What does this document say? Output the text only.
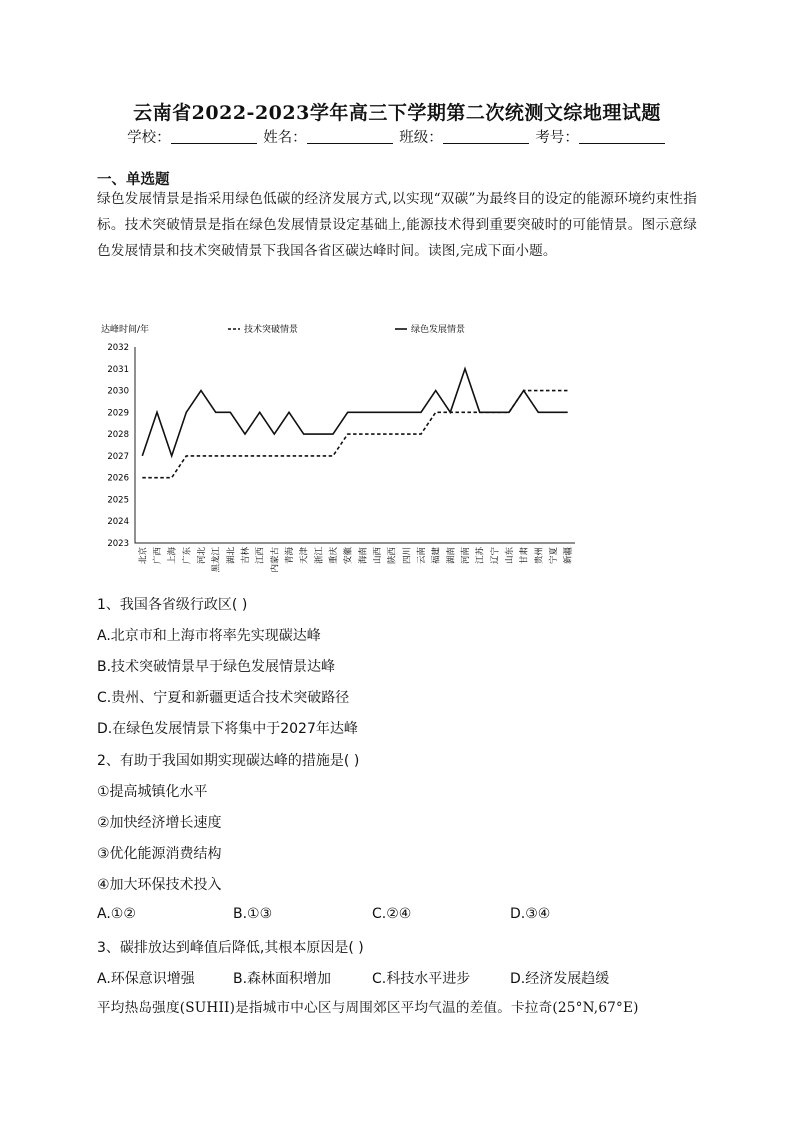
云南省2022-2023学年高三下学期第二次统测文综地理试题
学校：	姓名：	班级：	考号：
一、单选题
绿色发展情景是指采用绿色低碳的经济发展方式,以实现“双碳”为最终目的设定的能源环境约束性指标。技术突破情景是指在绿色发展情景设定基础上,能源技术得到重要突破时的可能情景。图示意绿色发展情景和技术突破情景下我国各省区碳达峰时间。读图,完成下面小题。
达峰时间/年	技术突破情景	绿色发展情景
2023
2024
2025
2026
2027
2028
2029
2030
2031
2032
北京 广西 上海 广东 河北 黑龙江 湖北 吉林 江西 内蒙古 青海 天津 浙江 重庆 安徽 海南 山西 陕西 四川 云南 福建 湖南 河南 江苏 辽宁 山东 甘肃 贵州 宁夏 新疆
1、我国各省级行政区( )
A.北京市和上海市将率先实现碳达峰
B.技术突破情景早于绿色发展情景达峰
C.贵州、宁夏和新疆更适合技术突破路径
D.在绿色发展情景下将集中于2027年达峰
2、有助于我国如期实现碳达峰的措施是( )
①提高城镇化水平
②加快经济增长速度
③优化能源消费结构
④加大环保技术投入
A.①②	B.①③	C.②④	D.③④
3、碳排放达到峰值后降低,其根本原因是( )
A.环保意识增强	B.森林面积增加	C.科技水平进步	D.经济发展趋缓
平均热岛强度(SUHII)是指城市中心区与周围郊区平均气温的差值。卡拉奇(25°N,67°E)
